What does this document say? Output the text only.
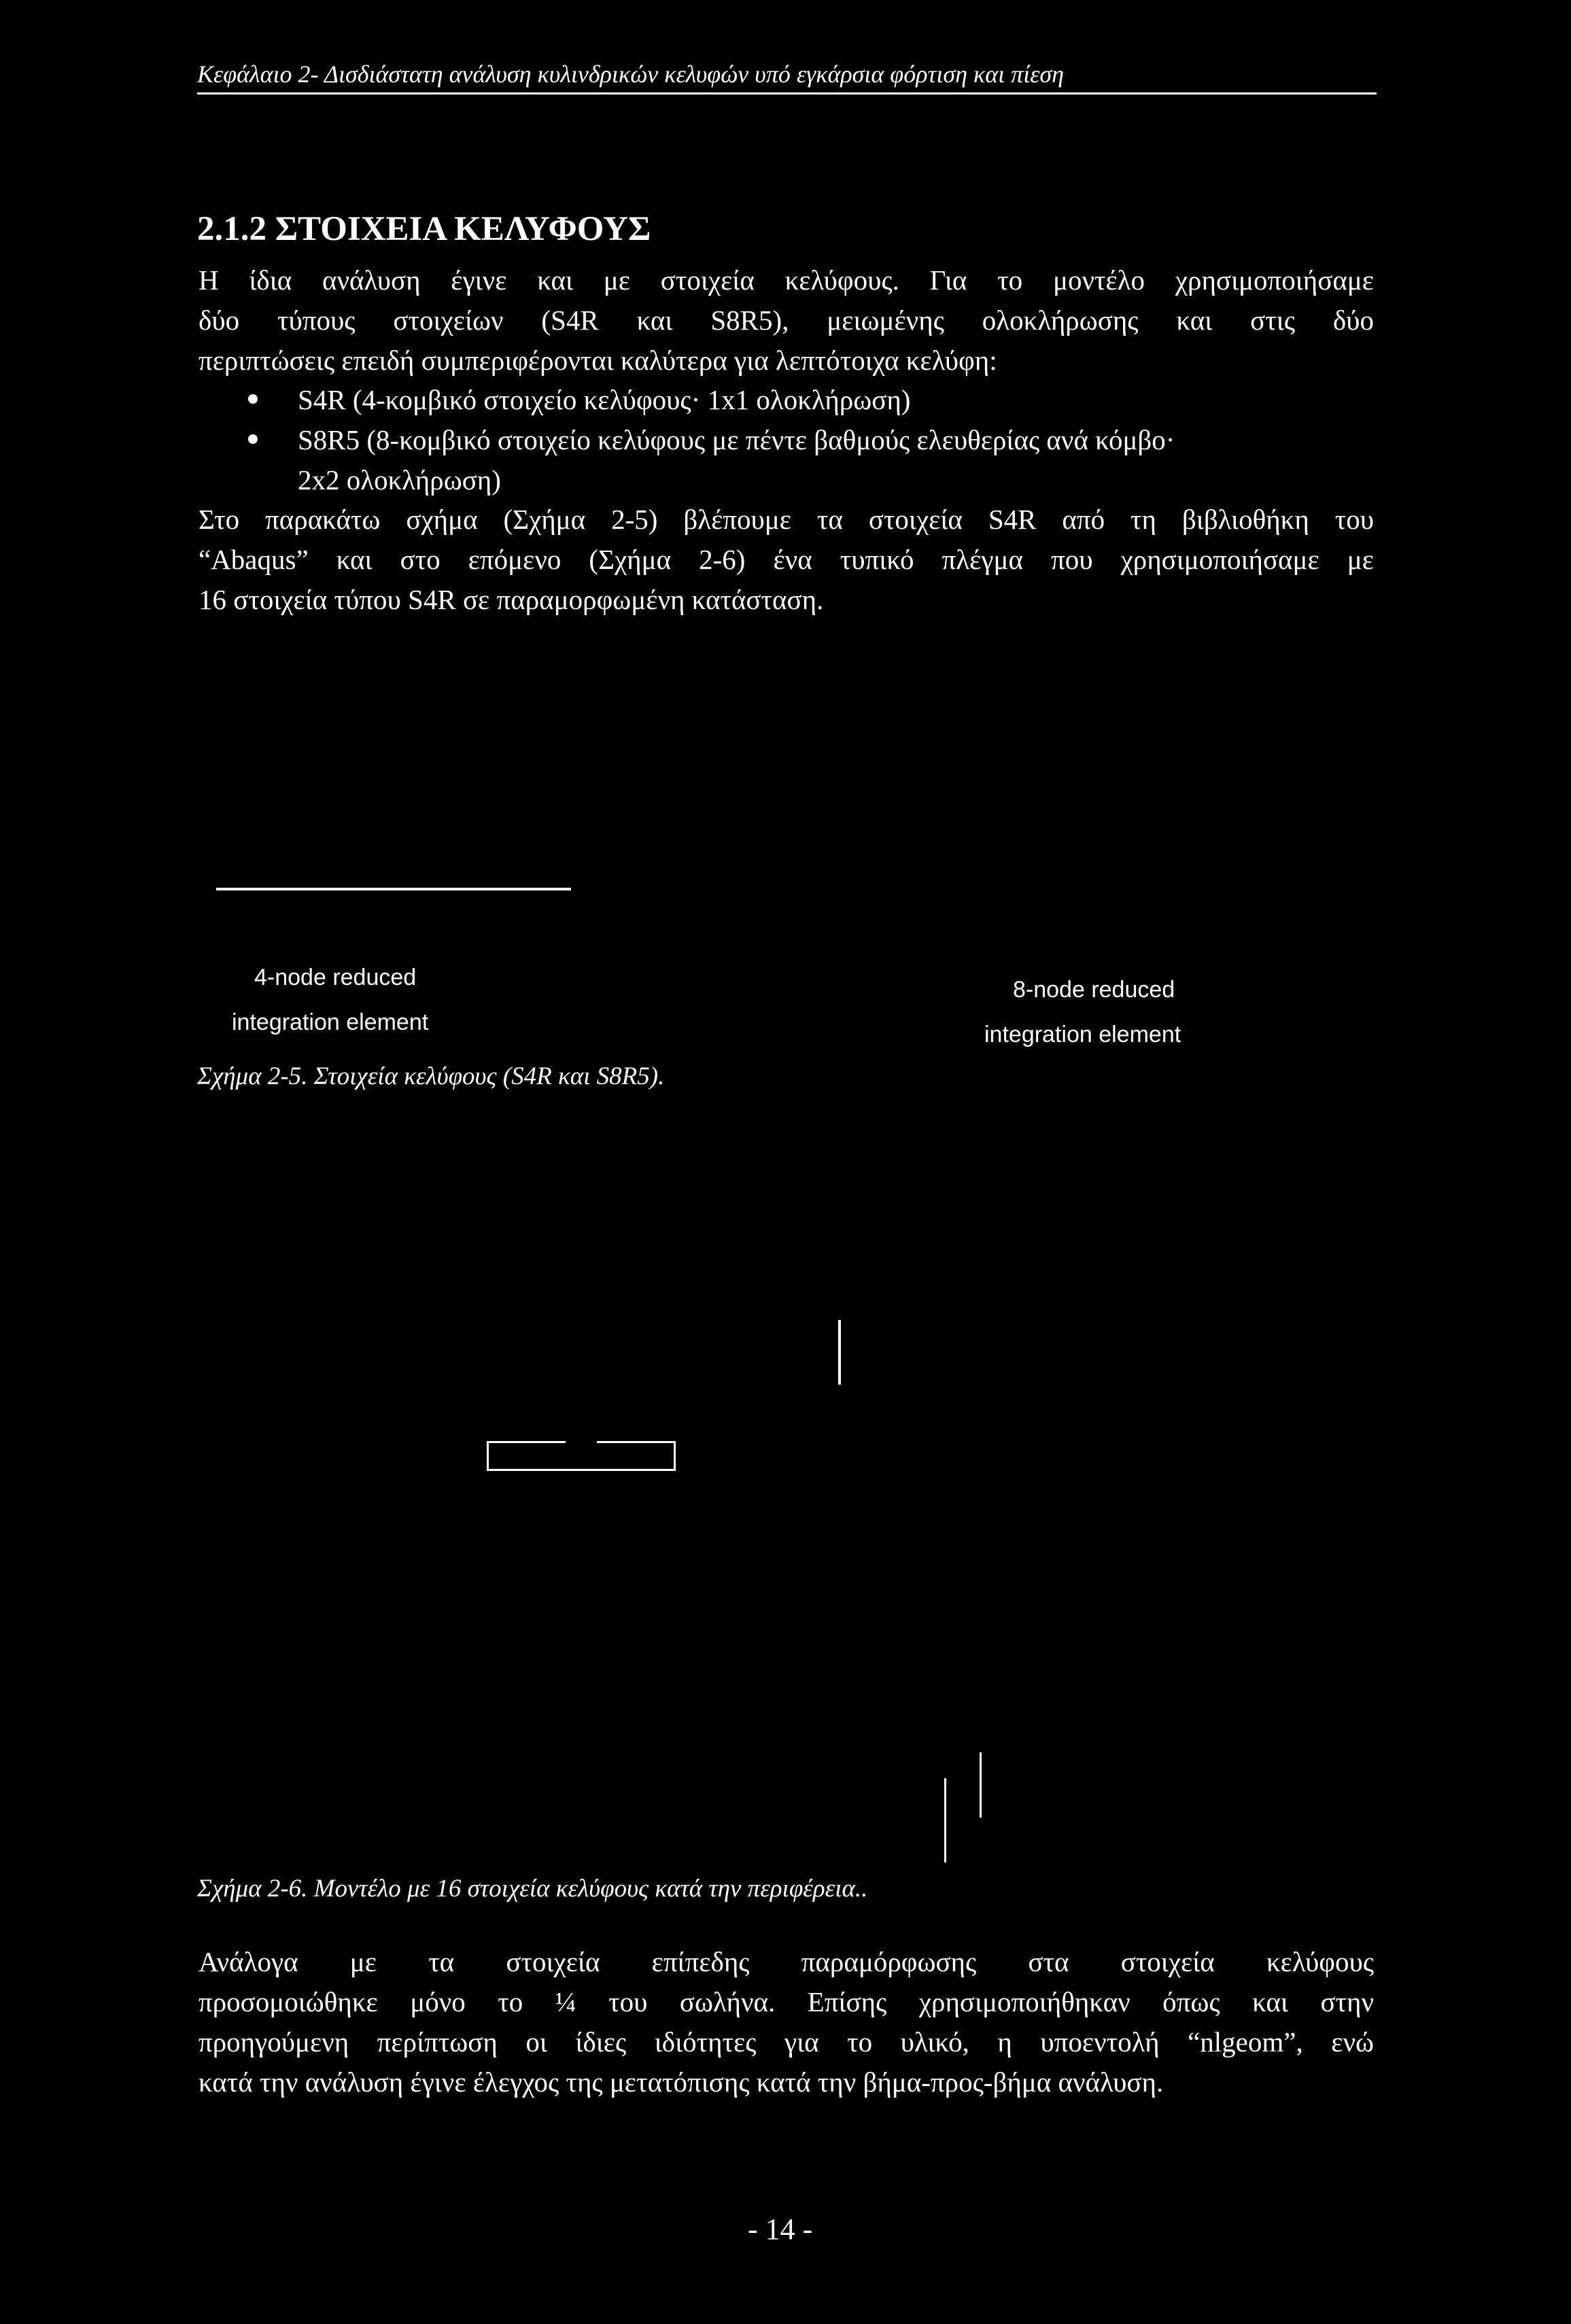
Κεφάλαιο 2- Δισδιάστατη ανάλυση κυλινδρικών κελυφών υπό εγκάρσια φόρτιση και πίεση
2.1.2 ΣΤΟΙΧΕΙΑ ΚΕΛΥΦΟΥΣ
Η ίδια ανάλυση έγινε και με στοιχεία κελύφους. Για το μοντέλο χρησιμοποιήσαμε
δύο τύπους στοιχείων (S4R και S8R5), μειωμένης ολοκλήρωσης και στις δύο
περιπτώσεις επειδή συμπεριφέρονται καλύτερα για λεπτότοιχα κελύφη:
S4R (4-κομβικό στοιχείο κελύφους· 1x1 ολοκλήρωση)
S8R5 (8-κομβικό στοιχείο κελύφους με πέντε βαθμούς ελευθερίας ανά κόμβο·
2x2 ολοκλήρωση)
Στο παρακάτω σχήμα (Σχήμα 2-5) βλέπουμε τα στοιχεία S4R από τη βιβλιοθήκη του
“Abaqus” και στο επόμενο (Σχήμα 2-6) ένα τυπικό πλέγμα που χρησιμοποιήσαμε με
16 στοιχεία τύπου S4R σε παραμορφωμένη κατάσταση.
4-node reduced
integration element
8-node reduced
integration element
Σχήμα 2-5. Στοιχεία κελύφους (S4R και S8R5).
Σχήμα 2-6. Μοντέλο με 16 στοιχεία κελύφους κατά την περιφέρεια..
Ανάλογα με τα στοιχεία επίπεδης παραμόρφωσης στα στοιχεία κελύφους
προσομοιώθηκε μόνο το ¼ του σωλήνα. Επίσης χρησιμοποιήθηκαν όπως και στην
προηγούμενη περίπτωση οι ίδιες ιδιότητες για το υλικό, η υποεντολή “nlgeom”, ενώ
κατά την ανάλυση έγινε έλεγχος της μετατόπισης κατά την βήμα-προς-βήμα ανάλυση.
- 14 -
